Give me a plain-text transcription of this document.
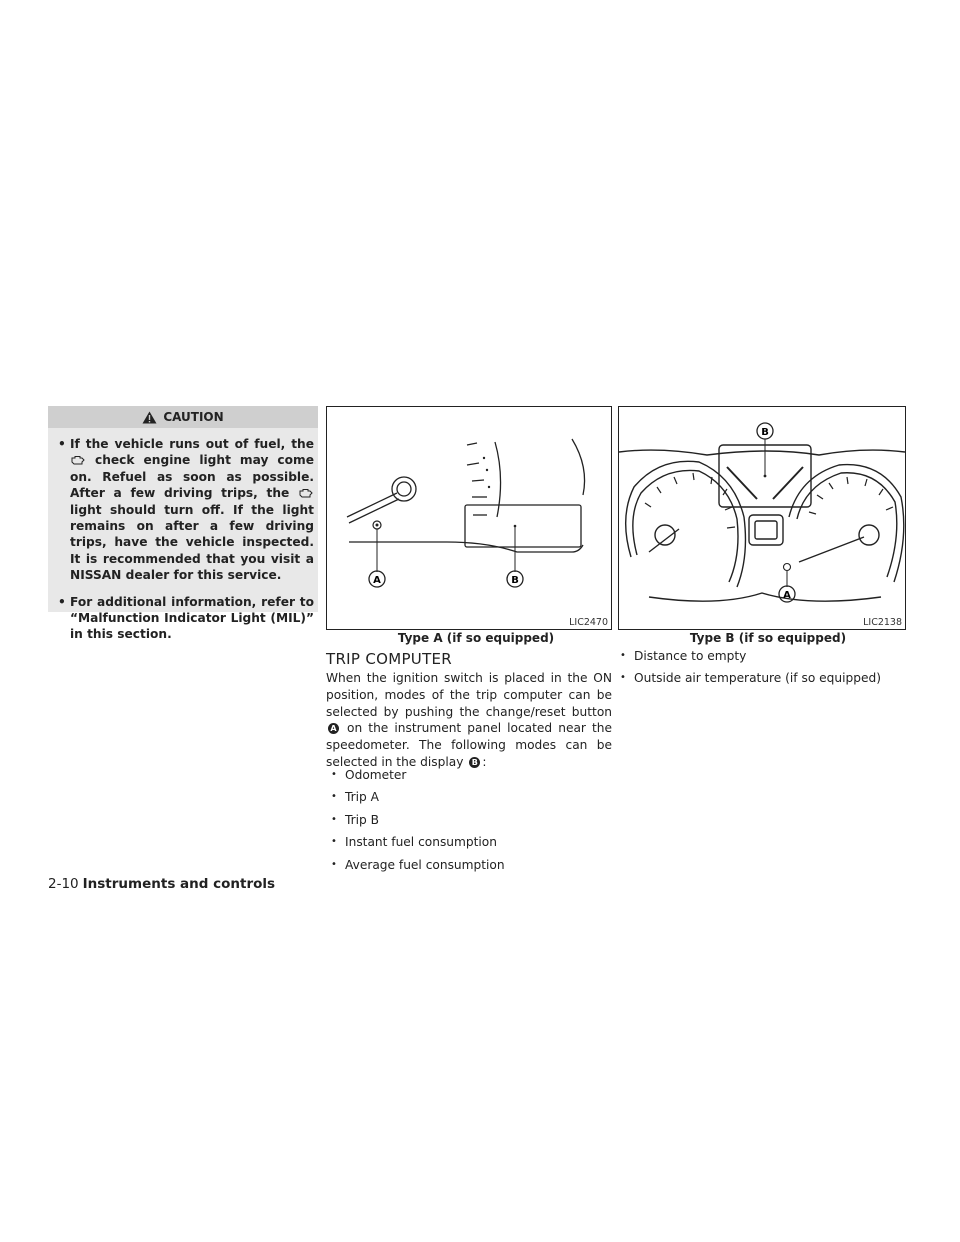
CAUTION
• If the vehicle runs out of fuel, the  check engine light may come on. Refuel as soon as possible. After a few driving trips, the  light should turn off. If the light remains on after a few driving trips, have the vehicle inspected. It is recommended that you visit a NISSAN dealer for this service.
• For additional information, refer to “Malfunction Indicator Light (MIL)” in this section.
A	B
LIC2470
Type A (if so equipped)
B
A
LIC2138
Type B (if so equipped)
TRIP COMPUTER

When the ignition switch is placed in the ON position, modes of the trip computer can be selected by pushing the change/reset button A on the instrument panel located near the speedometer. The following modes can be selected in the display B :

• Odometer
• Trip A
• Trip B
• Instant fuel consumption
• Average fuel consumption
• Distance to empty
• Outside air temperature (if so equipped)
2-10 Instruments and controls
